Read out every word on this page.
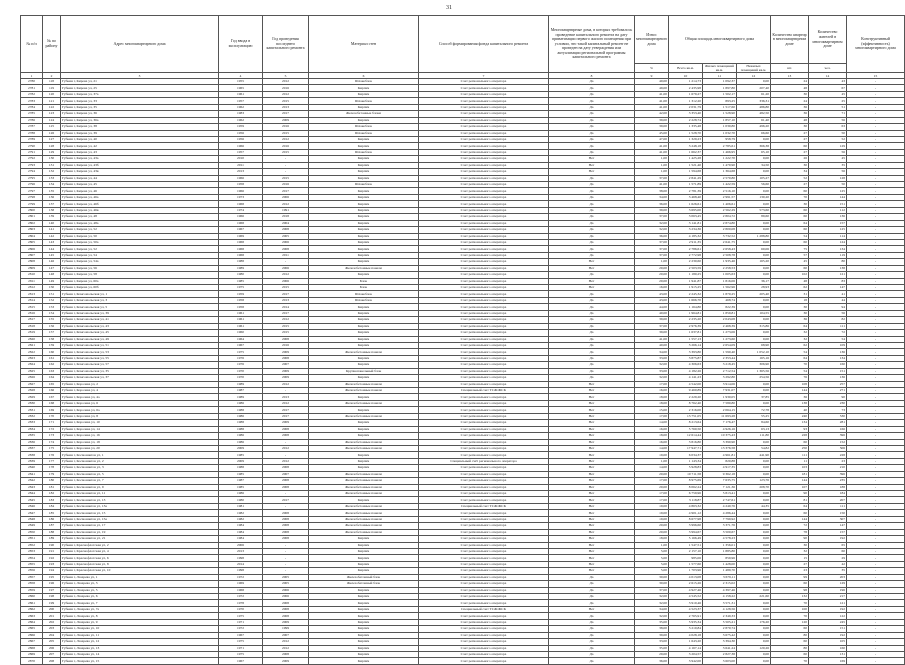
31
№ п/п	№ по району	Адрес многоквартирного дома	Год ввода в эксплуатацию	Год проведения последнего капитального ремонта	Материал стен	Способ формирования фонда капитального ремонта	Многоквартирные дома, в которых требовалось проведение капитального ремонта на дату приватизации первого жилого помещения при условии, что такой капитальный ремонт не проведен на дату утверждения или актуализации региональной программы капитального ремонта	Износ многоквартирного дома	Общая площадь многоквартирного дома			Количество квартир в многоквартирном доме	Количество жителей в многоквартирном доме	Конструктивный (эффективность) многоквартирного дома
								%	Всего кв.м.	Жилых помещений кв.м.	Нежилых помещений кв.м.	шт.	чел.	
1	2	3	4	5	6	7	8	9	10	11	12	13	14	15
2780	118	Губкин г, Кирова ул, 21	1955	2012	Шлакоблок	Счет регионального оператора	Да	40,00	1 214,73	1 092,37	0,00	24	43	-
2781	119	Губкин г, Кирова ул, 25	1965	2016	Кирпич	Счет регионального оператора	Да	49,00	2 435,98	1 897,80	207,40	48	67	-
2782	120	Губкин г, Кирова ул, 37а	1961	2012	Кирпич	Счет регионального оператора	Да	41,00	1 679,27	1 502,17	61,20	30	45	-
2783	121	Губкин г, Кирова ул, 33	1957	2015	Шлакоблок	Счет регионального оператора	Да	41,00	1 312,20	893,25	336,31	24	25	-
2784	122	Губкин г, Кирова ул, 35	1962	2013	Кирпич	Счет регионального оператора	Да	41,00	2 031,79	1 517,60	486,80	36	51	-
2785	123	Губкин г, Кирова ул, 36	1983	2017	Железобетонные блоки	Счет регионального оператора	Да	42,00	3 353,40	1 528,90	482,50	36	71	-
2786	124	Губкин г, Кирова ул, 36а	1962	2009	Кирпич	Счет регионального оператора	Да	39,00	2 228,74	1 857,10	61,40	48	56	-
2787	125	Губкин г, Кирова ул, 38	1959	2016	Шлакоблок	Счет регионального оператора	Да	39,00	1 335,48	1 030,80	496,20	30	63	-
2788	126	Губкин г, Кирова ул, 39	1956	2015	Шлакоблок	Счет регионального оператора	Да	45,00	1 528,70	1 032,70	66,60	27	50	-
2789	127	Губкин г, Кирова ул, 40	1956	2012	Кирпич	Счет регионального оператора	Да	47,00	1 329,23	958,79	0,00	27	52	-
2790	128	Губкин г, Кирова ул, 42	1966	2016	Кирпич	Счет регионального оператора	Да	41,00	3 248,18	2 785,61	366,38	60	129	-
2791	129	Губкин г, Кирова ул, 43	1957	2015	Шлакоблок	Счет регионального оператора	Да	41,00	1 662,37	1 466,95	65,10	27	56	-
2792	130	Губкин г, Кирова ул, 43а	2010	-	Кирпич	Счет регионального оператора	Нет	1,00	1 425,28	1 222,70	0,00	26	45	-
2793	131	Губкин г, Кирова ул, 43б	2011	-	Кирпич	Счет регионального оператора	Нет	1,00	1 521,40	1 470,90	34,50	30	35	-
2794	132	Губкин г, Кирова ул, 43в	2013	-	Кирпич	Счет регионального оператора	Нет	1,00	1 594,68	1 364,68	0,00	34	56	-
2795	133	Губкин г, Кирова ул, 44	1966	2015	Кирпич	Счет регионального оператора	Да	37,00	2 841,29	2 570,80	105,27	52	128	-
2796	134	Губкин г, Кирова ул, 45	1958	2016	Шлакоблок	Счет регионального оператора	Да	41,00	1 571,89	1 422,59	56,60	27	50	-
2797	135	Губкин г, Кирова ул, 46	1966	2017	Кирпич	Счет регионального оператора	Да	38,00	2 781,39	2 516,10	0,00	60	125	-
2798	136	Губкин г, Кирова ул, 46а	1973	2006	Кирпич	Счет регионального оператора	Да	34,00	3 468,40	2 991,57	130,20	70	144	-
2799	137	Губкин г, Кирова ул, 46б	1968	2012	Кирпич	Счет регионального оператора	Да	36,00	1 626,61	1 406,61	0,00	30	151	-
2800	138	Губкин г, Кирова ул, 46в	1974	1991	Кирпич	Счет регионального оператора	Да	39,00	3 695,00	2 562,29	573,60	60	112	-
2801	139	Губкин г, Кирова ул, 48	1966	2018	Кирпич	Счет регионального оператора	Да	37,00	3 063,45	2 804,72	89,60	60	136	-
2802	140	Губкин г, Кирова ул, 48а	1968	2004	Кирпич	Счет регионального оператора	Да	32,00	3 141,81	2 874,80	0,00	64	157	-
2803	141	Губкин г, Кирова ул, 52	1967	2008	Кирпич	Счет регионального оператора	Да	32,00	3 234,36	2 800,08	0,00	60	125	-
2804	142	Губкин г, Кирова ул, 50	1969	2005	Кирпич	Счет регионального оператора	Да	36,00	4 185,32	3 732,52	1 288,80	54	114	-
2805	143	Губкин г, Кирова ул, 50а	1968	2006	Кирпич	Счет регионального оператора	Да	37,00	2 911,35	2 641,75	0,00	60	124	-
2806	144	Губкин г, Кирова ул, 52	1968	2008	Кирпич	Счет регионального оператора	Да	37,00	2 786,61	2 658,43	60,06	75	134	-
2807	145	Губкин г, Кирова ул, 54	1968	2011	Кирпич	Счет регионального оператора	Да	37,00	2 772,98	2 508,78	0,00	57	119	-
2808	146	Губкин г, Кирова ул, 54а	1988	-	Кирпич	Счет регионального оператора	Нет	1,00	2 230,60	1 935,46	165,20	45	80	-
2809	147	Губкин г, Кирова ул, 56	1989	2006	Железобетонные панели	Счет регионального оператора	Нет	20,00	2 503,59	2 258,53	0,00	60	138	-
2810	148	Губкин г, Кирова ул, 58	1980	2012	Кирпич	Счет регионального оператора	Да	20,00	1 180,25	1 005,63	0,00	102	121	-
2811	149	Губкин г, Кирова ул, 60а	1985	2006	Блок	Счет регионального оператора	Нет	20,00	1 941,87	1 816,06	36,17	48	83	-
2812	150	Губкин г, Кирова ул, 60б	1975	2015	Блок	Счет регионального оператора	Нет	16,00	1 915,25	1 562,96	28,93	62	147	-
2813	151	Губкин г, Комсомольская ул, 1	1959	2017	Шлакоблок	Счет регионального оператора	Да	43,00	2 245,32	1 870,25	205,40	31	41	-
2814	152	Губкин г, Комсомольская ул, 3	1958	2013	Шлакоблок	Счет регионального оператора	Да	43,00	1 666,70	468,74	0,00	18	44	-
2815	153	Губкин г, Комсомольская ул, 5	1958	2014	Кирпич	Счет регионального оператора	Да	44,00	1 164,80	822,39	0,00	30	94	-
2816	154	Губкин г, Комсомольская ул, 39	1961	2017	Кирпич	Счет регионального оператора	Да	40,00	1 964,81	1 859,81	104,55	30	56	-
2817	155	Губкин г, Комсомольская ул, 41	1961	2012	Кирпич	Счет регионального оператора	Да	39,00	2 235,20	2 043,08	0,00	36	82	-
2818	156	Губкин г, Комсомольская ул, 43	1961	2015	Кирпич	Счет регионального оператора	Да	37,00	2 976,39	2 468,39	315,86	64	111	-
2819	157	Губкин г, Комсомольская ул, 45	1960	2015	Кирпич	Счет регионального оператора	Да	39,00	1 637,81	1 273,06	0,00	32	72	-
2820	158	Губкин г, Комсомольская ул, 49	1964	2008	Кирпич	Счет регионального оператора	Да	41,00	1 557,13	1 273,60	0,00	32	54	-
2821	159	Губкин г, Комсомольская ул, 51	1967	2016	Кирпич	Счет регионального оператора	Да	40,00	3 266,14	2 654,09	68,90	62	109	-
2822	160	Губкин г, Комсомольская ул, 53	1975	2009	Железобетонные панели	Счет регионального оператора	Да	34,00	3 393,80	1 590,40	1 052,10	54	136	-
2823	161	Губкин г, Комсомольская ул, 55	1976	2008	Кирпич	Счет регионального оператора	Да	33,00	3 875,87	2 353,44	165,16	64	134	-
2824	162	Губкин г, Комсомольская ул, 57	1976	2007	Кирпич	Счет регионального оператора	Да	32,00	4 306,63	3 218,45	306,90	70	160	-
2825	163	Губкин г, Комсомольская ул, 35	1970	2009	Крупнопанельный блок	Счет регионального оператора	Да	33,00	4 182,26	2 712,54	1 365,56	54	151	-
2826	164	Губкин г, Комсомольская ул, 37	1970	2009	Кирпич	Счет регионального оператора	Да	32,00	4 141,23	3 292,80	254,56	76	136	-
2827	165	Губкин г, Королева ул, 2	1989	2012	Железобетонные панели	Счет регионального оператора	Нет	17,00	4 542,00	3 914,06	0,00	108	257	-
2828	166	Губкин г, Королева ул, 4	1987	-	Железобетонные панели	Специальный счет ТСЖ/ЖСК	Нет	16,00	9 460,89	7 931,07	0,00	144	271	-
2829	167	Губкин г, Королева ул, 4а	1989	2013	Кирпич	Счет регионального оператора	Нет	18,00	2 229,20	1 930,05	37,85	36	90	-
2830	168	Губкин г, Королева ул, 6	1986	2012	Железобетонные панели	Счет регионального оператора	Нет	18,00	8 762,40	7 580,80	0,00	138	230	-
2831	169	Губкин г, Королева ул, 6а	1988	2017	Кирпич	Счет регионального оператора	Нет	15,00	2 316,00	2 064,15	72,78	40	73	-
2832	170	Губкин г, Королева ул, 8	1986	2017	Железобетонные панели	Счет регионального оператора	Нет	17,00	13 751,05	11 693,28	55,25	240	530	-
2833	171	Губкин г, Королева ул, 10	1988	2009	Кирпич	Счет регионального оператора	Нет	14,00	8 213,64	7 176,47	84,60	134	281	-
2834	172	Губкин г, Королева ул, 14	1988	2008	Кирпич	Счет регионального оператора	Нет	16,00	5 760,50	4 926,16	63,13	93	166	-
2835	173	Губкин г, Королева ул, 16	1986	2008	Кирпич	Счет регионального оператора	Нет	18,00	12 614,44	10 375,43	111,80	228	396	-
2836	174	Губкин г, Королева ул, 18	1986	-	Железобетонные панели	Счет регионального оператора	Нет	16,00	3 816,80	3 390,90	0,00	60	152	-
2837	175	Губкин г, Королева ул, 20	2009	2012	Железобетонные панели	Счет регионального оператора	Нет	14,00	17 947,71	13 376,58	54,82	250	506	-
2838	176	Губкин г, Космонавтов ул, 1	1985	-	Кирпич	Счет регионального оператора	Нет	19,00	6 034,37	4 961,81	441,90	111	228	-
2839	177	Губкин г, Космонавтов ул, 2	2009	2012	Кирпич	Специальный счёт регионального оператора	Нет	1,00	1 143,34	820,88	0,00	11	23	-
2840	178	Губкин г, Космонавтов ул, 3	1988	2008	Кирпич	Счет регионального оператора	Нет	14,00	5 928,83	4 917,35	0,00	103	210	-
2841	179	Губкин г, Космонавтов ул, 5	1985	2007	Железобетонные панели	Счет регионального оператора	Нет	20,00	10 711,58	9 362,18	0,00	181	396	-
2842	180	Губкин г, Космонавтов ул, 7	1987	2008	Железобетонные панели	Счет регионального оператора	Нет	17,00	8 975,69	7 635,75	123,76	144	235	-
2843	181	Губкин г, Космонавтов ул, 9	1985	2008	Железобетонные панели	Счет регионального оператора	Нет	20,00	8 062,24	7 121,36	208,70	107	188	-
2844	182	Губкин г, Космонавтов ул, 11	1986	-	Железобетонные панели	Счет регионального оператора	Нет	17,00	6 759,96	5 813,41	0,00	90	184	-
2845	183	Губкин г, Космонавтов ул, 13	1980	2017	Кирпич	Счет регионального оператора	Нет	17,00	3 118,87	2 747,61	0,00	81	207	-
2846	184	Губкин г, Космонавтов ул, 13а	1981	-	Железобетонные панели	Специальный счет ТСЖ/ЖСК	Нет	19,00	4 863,32	4 240,76	44,35	64	111	-
2847	185	Губкин г, Космонавтов ул, 15	1982	2008	Железобетонные панели	Счет регионального оператора	Нет	19,00	4 901,12	4 286,44	0,00	60	150	-
2848	186	Губкин г, Космонавтов ул, 15а	1982	2008	Железобетонные панели	Счет регионального оператора	Нет	19,00	8 677,98	7 799,92	0,00	144	307	-
2849	187	Губкин г, Космонавтов ул, 17	1984	2008	Железобетонные панели	Счет регионального оператора	Нет	20,00	3 996,60	3 371,76	0,00	72	147	-
2850	188	Губкин г, Космонавтов ул, 19	1984	2008	Железобетонные панели	Счет регионального оператора	Нет	20,00	3 994,67	3 500,67	0,00	78	157	-
2851	189	Губкин г, Космонавтов ул, 21	1984	2008	Кирпич	Счет регионального оператора	Нет	18,00	5 166,49	4 578,23	0,00	90	192	-
2852	190	Губкин г, Краснофлотская ул, 2	2006	-	Кирпич	Счет регионального оператора	Нет	1,00	1 547,51	1 356,01	0,00	30	65	-
2853	191	Губкин г, Краснофлотская ул, 4	2013	-	Кирпич	Счет регионального оператора	Нет	5,00	2 157,10	1 885,80	0,00	32	60	-
2854	192	Губкин г, Краснофлотская ул, 6	1998	-	Кирпич	Счет регионального оператора	Нет	5,00	985,06	859,96	0,00	15	29	-
2855	193	Губкин г, Краснофлотская ул, 8	2014	-	Кирпич	Счет регионального оператора	Нет	5,00	1 577,60	1 428,00	0,00	27	42	-
2856	194	Губкин г, Краснофлотская ул, 10	1998	-	Кирпич	Счет регионального оператора	Нет	5,00	1 703,96	1 489,70	0,00	23	35	-
2857	195	Губкин г, Лазарева ул, 1	1972	2005	Железобетонный блок	Счет регионального оператора	Да	30,00	4 013,08	3 679,11	0,00	99	203	-
2858	196	Губкин г, Лазарева ул, 3	1969	2005	Железобетонный блок	Счет регионального оператора	Да	30,00	2 615,26	2 315,02	0,00	60	129	-
2859	197	Губкин г, Лазарева ул, 5	1968	2006	Кирпич	Счет регионального оператора	Да	37,00	4 927,46	4 397,46	0,00	98	196	-
2860	198	Губкин г, Лазарева ул, 6	1972	2006	Кирпич	Счет регионального оператора	Да	32,00	4 545,52	4 158,22	221,60	132	217	-
2861	199	Губкин г, Лазарева ул, 7	1978	2008	Кирпич	Счет регионального оператора	Да	32,00	3 910,46	3 571,31	0,00	70	121	-
2862	200	Губкин г, Лазарева ул, 7а	1970	2008	Кирпич	Специальный счет ТСЖ/ЖСК	Нет	34,00	4 523,37	4 128,56	0,00	100	192	-
2863	201	Губкин г, Лазарева ул, 8	1975	2008	Кирпич	Счет регионального оператора	Да	32,00	2 765,91	2 349,33	0,00	70	122	-
2864	202	Губкин г, Лазарева ул, 9	1971	2009	Кирпич	Счет регионального оператора	Да	35,00	5 935,34	5 505,21	176,20	120	245	-
2865	203	Губкин г, Лазарева ул, 10	1972	1999	Кирпич	Счет регионального оператора	Да	38,00	3 210,84	2 870,74	0,00	60	151	-
2866	204	Губкин г, Лазарева ул, 11	1967	2007	Кирпич	Счет регионального оператора	Да	39,00	4 028,18	3 675,42	0,00	80	192	-
2867	205	Губкин г, Лазарева ул, 12	1975	2012	Кирпич	Счет регионального оператора	Да	33,00	1 643,20	3 394,30	0,00	60	105	-
2868	206	Губкин г, Лазарева ул, 13	1971	2012	Кирпич	Счет регионального оператора	Да	35,00	4 167,14	3 641,24	120,26	80	160	-
2869	207	Губкин г, Лазарева ул, 14	1975	2008	Кирпич	Счет регионального оператора	Да	29,00	3 204,57	2 827,38	0,00	60	131	-
2870	208	Губкин г, Лазарева ул, 15	1967	2009	Кирпич	Счет регионального оператора	Да	36,00	3 942,00	3 603,00	0,00	70	169	-
